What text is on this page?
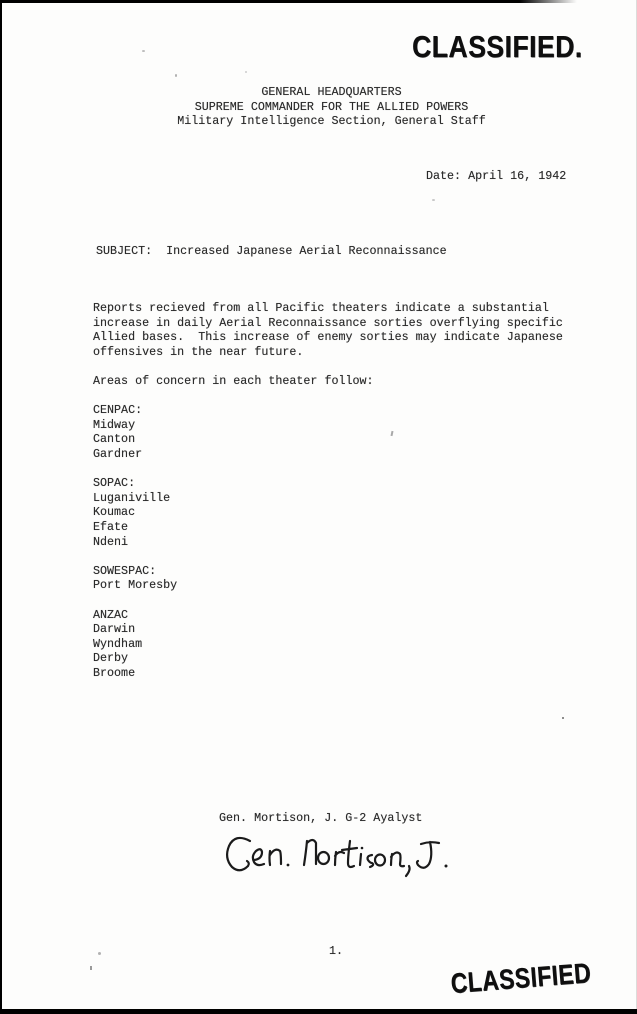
CLASSIFIED.
GENERAL HEADQUARTERS
SUPREME COMMANDER FOR THE ALLIED POWERS
Military Intelligence Section, General Staff
Date: April 16, 1942
SUBJECT:  Increased Japanese Aerial Reconnaissance
Reports recieved from all Pacific theaters indicate a substantial
increase in daily Aerial Reconnaissance sorties overflying specific
Allied bases.  This increase of enemy sorties may indicate Japanese
offensives in the near future.
Areas of concern in each theater follow:
CENPAC:
Midway
Canton
Gardner
SOPAC:
Luganiville
Koumac
Efate
Ndeni
SOWESPAC:
Port Moresby
ANZAC
Darwin
Wyndham
Derby
Broome
Gen. Mortison, J. G-2 Ayalyst
1.
CLASSIFIED
